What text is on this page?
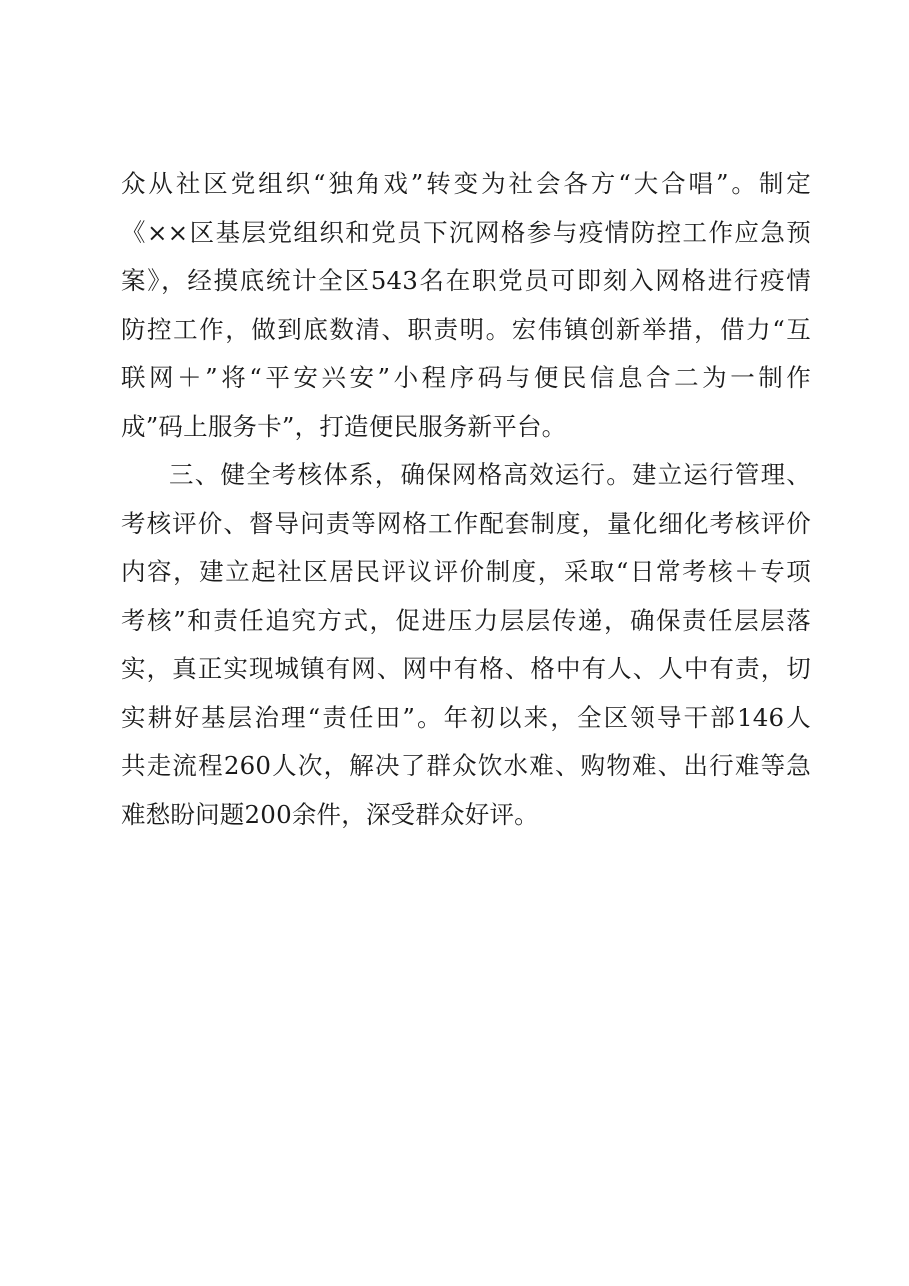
众从社区党组织“独角戏”转变为社会各方“大合唱”。制定
《××区基层党组织和党员下沉网格参与疫情防控工作应急预
案》，经摸底统计全区543名在职党员可即刻入网格进行疫情
防控工作，做到底数清、职责明。宏伟镇创新举措，借力“互
联网＋”将“平安兴安”小程序码与便民信息合二为一制作
成”码上服务卡”，打造便民服务新平台。
三、健全考核体系，确保网格高效运行。建立运行管理、
考核评价、督导问责等网格工作配套制度，量化细化考核评价
内容，建立起社区居民评议评价制度，采取“日常考核＋专项
考核”和责任追究方式，促进压力层层传递，确保责任层层落
实，真正实现城镇有网、网中有格、格中有人、人中有责，切
实耕好基层治理“责任田”。年初以来，全区领导干部146人
共走流程260人次，解决了群众饮水难、购物难、出行难等急
难愁盼问题200余件，深受群众好评。
